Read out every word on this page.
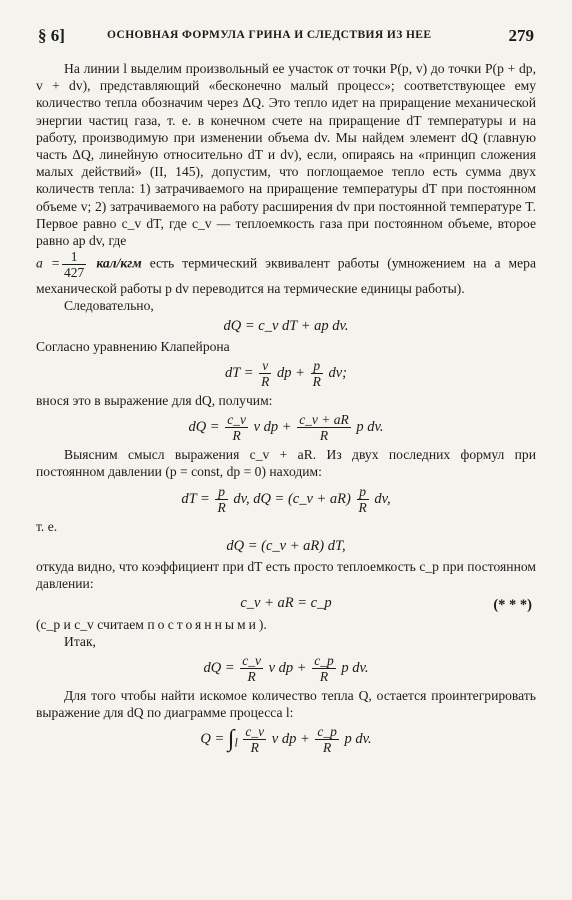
§ 6]	ОСНОВНАЯ ФОРМУЛА ГРИНА И СЛЕДСТВИЯ ИЗ НЕЕ	279

На линии l выделим произвольный ее участок от точки P(p, v) до точки P(p + dp, v + dv), представляющий «бесконечно малый процесс»; соответствующее ему количество тепла обозначим через ΔQ. Это тепло идет на приращение механической энергии частиц газа, т. е. в конечном счете на приращение dT температуры и на работу, производимую при изменении объема dv. Мы найдем элемент dQ (главную часть ΔQ, линейную относительно dT и dv), если, опираясь на «принцип сложения малых действий» (II, 145), допустим, что поглощаемое тепло есть сумма двух количеств тепла: 1) затрачиваемого на приращение температуры dT при постоянном объеме v; 2) затрачиваемого на работу расширения dv при постоянной температуре T. Первое равно c_v dT, где c_v — теплоемкость газа при постоянном объеме, второе равно ap dv, где

$a = \frac{1}{427} кал/кгм$ есть термический эквивалент работы (умножением на a мера механической работы p dv переводится на термические единицы работы).

Следовательно,

dQ = c_v dT + ap dv.

Согласно уравнению Клапейрона

dT = $\frac{v}{R}$ dp + $\frac{p}{R}$ dv;

внося это в выражение для dQ, получим:

dQ = $\frac{c\_v}{R}$ v dp + $\frac{c\_v + aR}{R}$ p dv.

Выясним смысл выражения c_v + aR. Из двух последних формул при постоянном давлении (p = const, dp = 0) находим:

dT = $\frac{p}{R}$ dv, dQ = (c_v + $aR) \frac{p}{R}$ dv,

т. е.

dQ = (c_v + aR) dT,

откуда видно, что коэффициент при dT есть просто теплоемкость c_p при постоянном давлении:

c_v + aR = c_p	(* * *)

(c_p и c_v считаем постоянными).

Итак,

dQ = $\frac{c\_v}{R}$ v dp + $\frac{c\_p}{R}$ p dv.

Для того чтобы найти искомое количество тепла Q, остается проинтегрировать выражение для dQ по диаграмме процесса l:

$Q = \int_l \frac{c\_v}{R}$ v dp + $\frac{c\_p}{R}$ p dv.
